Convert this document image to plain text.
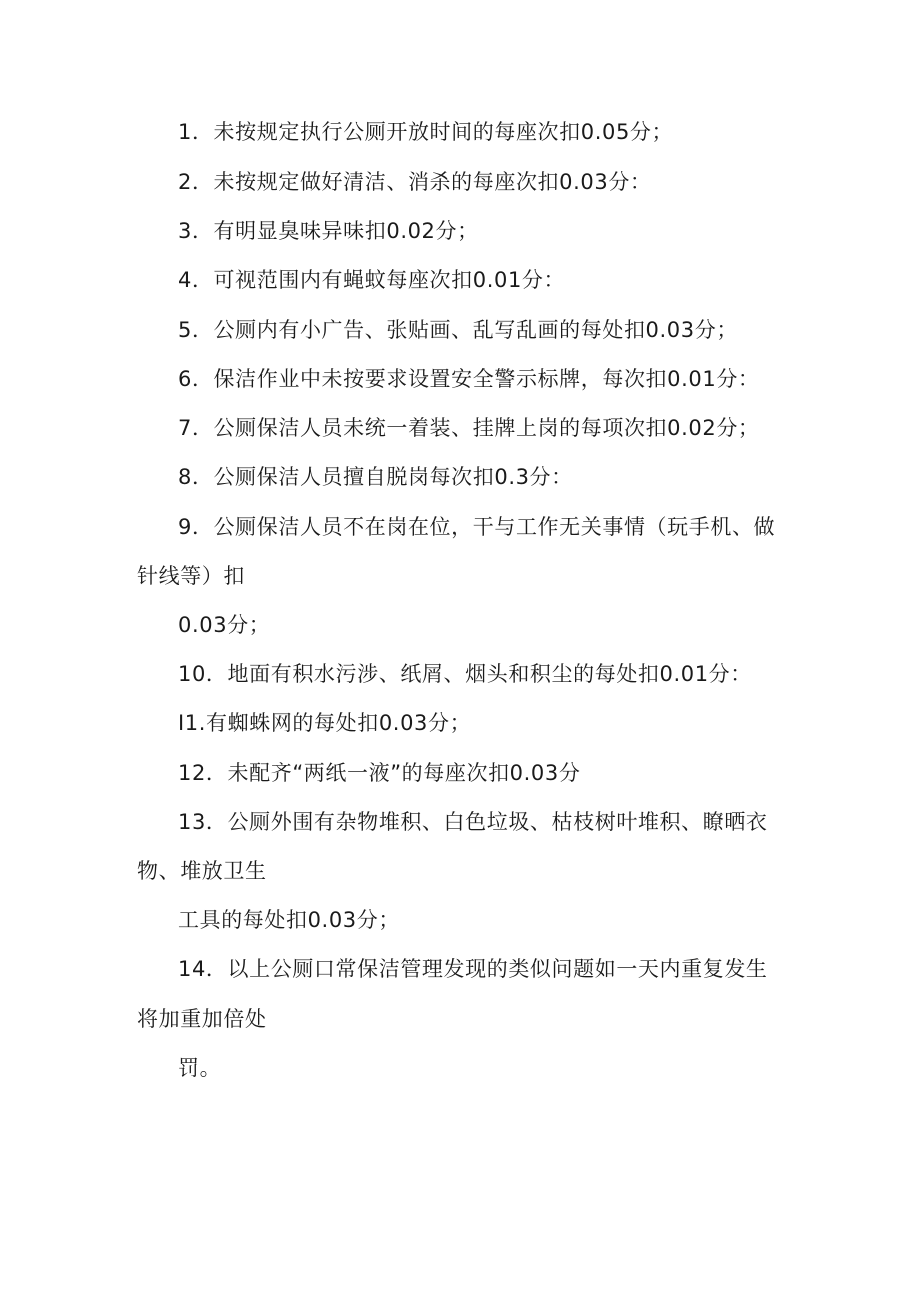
1．未按规定执行公厕开放时间的每座次扣0.05分；
2．未按规定做好清洁、消杀的每座次扣0.03分：
3．有明显臭味异味扣0.02分；
4．可视范围内有蝇蚊每座次扣0.01分：
5．公厕内有小广告、张贴画、乱写乱画的每处扣0.03分；
6．保洁作业中未按要求设置安全警示标牌，每次扣0.01分：
7．公厕保洁人员未统一着装、挂牌上岗的每项次扣0.02分；
8．公厕保洁人员擅自脱岗每次扣0.3分：
9．公厕保洁人员不在岗在位，干与工作无关事情（玩手机、做
针线等）扣
0.03分；
10．地面有积水污涉、纸屑、烟头和积尘的每处扣0.01分：
I1.有蜘蛛网的每处扣0.03分；
12．未配齐“两纸一液”的每座次扣0.03分
13．公厕外围有杂物堆积、白色垃圾、枯枝树叶堆积、瞭晒衣
物、堆放卫生
工具的每处扣0.03分；
14．以上公厕口常保洁管理发现的类似问题如一天内重复发生
将加重加倍处
罚。
